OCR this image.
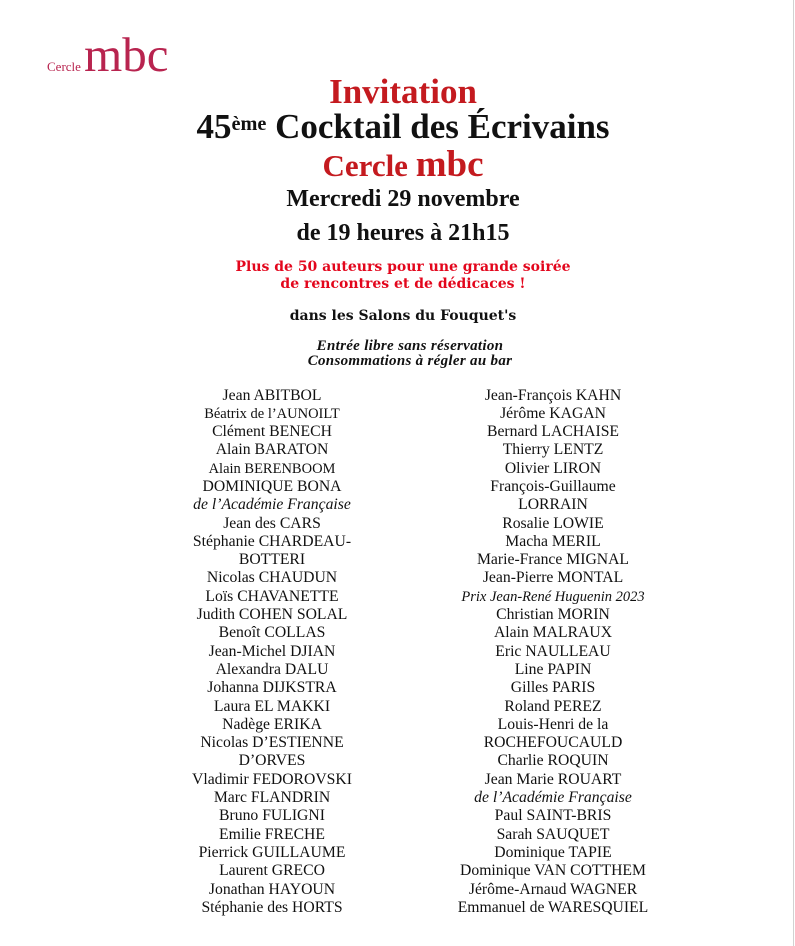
Cercle mbc
Invitation
45ème Cocktail des Écrivains
Cercle mbc
Mercredi 29 novembre
de 19 heures à 21h15
Plus de 50 auteurs pour une grande soirée
de rencontres et de dédicaces !
dans les Salons du Fouquet's
Entrée libre sans réservation
Consommations à régler au bar
Jean ABITBOL
Béatrix de l’AUNOILT
Clément BENECH
Alain BARATON
Alain BERENBOOM
DOMINIQUE BONA
de l’Académie Française
Jean des CARS
Stéphanie CHARDEAU-
BOTTERI
Nicolas CHAUDUN
Loïs CHAVANETTE
Judith COHEN SOLAL
Benoît COLLAS
Jean-Michel DJIAN
Alexandra DALU
Johanna DIJKSTRA
Laura EL MAKKI
Nadège ERIKA
Nicolas D’ESTIENNE
D’ORVES
Vladimir FEDOROVSKI
Marc FLANDRIN
Bruno FULIGNI
Emilie FRECHE
Pierrick GUILLAUME
Laurent GRECO
Jonathan HAYOUN
Stéphanie des HORTS
Jean-François KAHN
Jérôme KAGAN
Bernard LACHAISE
Thierry LENTZ
Olivier LIRON
François-Guillaume
LORRAIN
Rosalie LOWIE
Macha MERIL
Marie-France MIGNAL
Jean-Pierre MONTAL
Prix Jean-René Huguenin 2023
Christian MORIN
Alain MALRAUX
Eric NAULLEAU
Line PAPIN
Gilles PARIS
Roland PEREZ
Louis-Henri de la
ROCHEFOUCAULD
Charlie ROQUIN
Jean Marie ROUART
de l’Académie Française
Paul SAINT-BRIS
Sarah SAUQUET
Dominique TAPIE
Dominique VAN COTTHEM
Jérôme-Arnaud WAGNER
Emmanuel de WARESQUIEL
